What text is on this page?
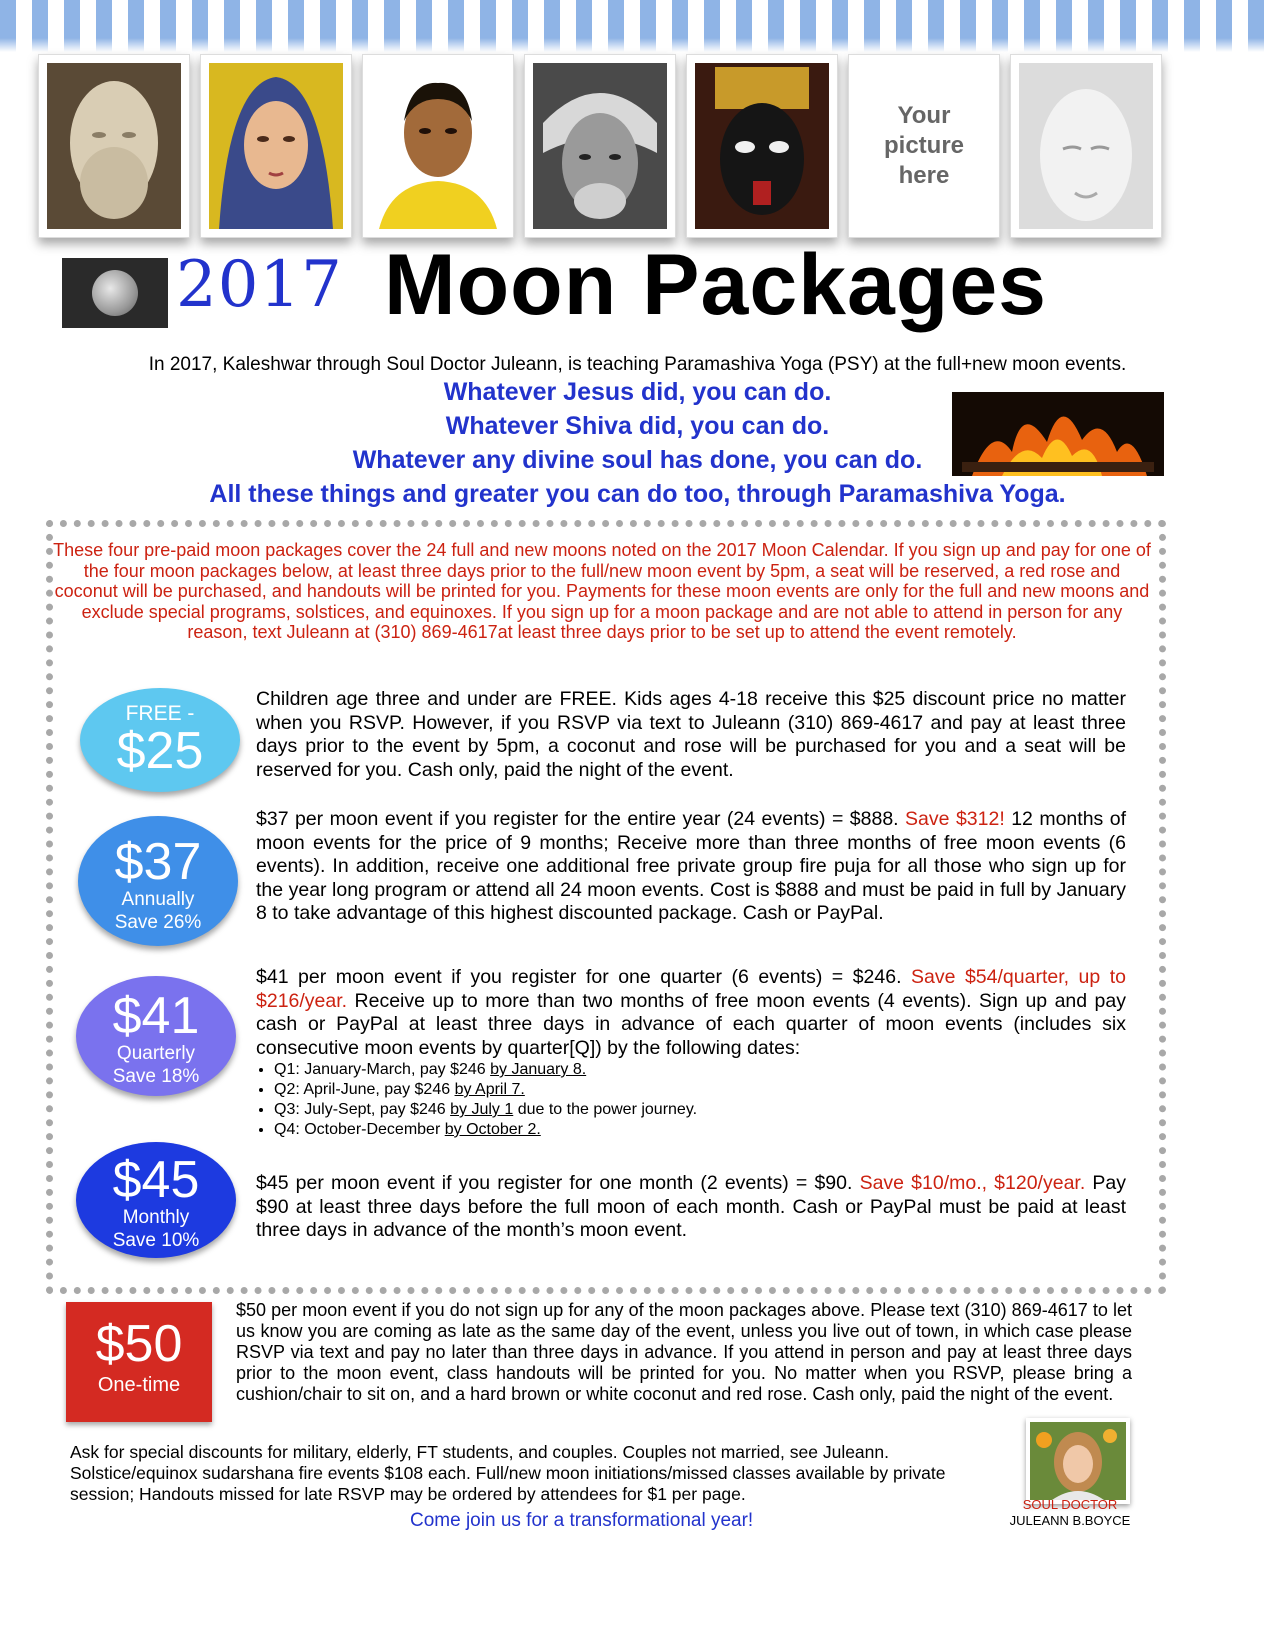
Your
picture
here
2017 Moon Packages
In 2017, Kaleshwar through Soul Doctor Juleann, is teaching Paramashiva Yoga (PSY) at the full+new moon events.
Whatever Jesus did, you can do.
Whatever Shiva did, you can do.
Whatever any divine soul has done, you can do.
All these things and greater you can do too, through Paramashiva Yoga.
These four pre-paid moon packages cover the 24 full and new moons noted on the 2017 Moon Calendar. If you sign up and pay for one of the four moon packages below, at least three days prior to the full/new moon event by 5pm, a seat will be reserved, a red rose and coconut will be purchased, and handouts will be printed for you. Payments for these moon events are only for the full and new moons and exclude special programs, solstices, and equinoxes. If you sign up for a moon package and are not able to attend in person for any reason, text Juleann at (310) 869-4617at least three days prior to be set up to attend the event remotely.
FREE -
$25
Children age three and under are FREE. Kids ages 4-18 receive this $25 discount price no matter when you RSVP. However, if you RSVP via text to Juleann (310) 869-4617 and pay at least three days prior to the event by 5pm, a coconut and rose will be purchased for you and a seat will be reserved for you. Cash only, paid the night of the event.
$37
Annually
Save 26%
$37 per moon event if you register for the entire year (24 events) = $888. Save $312! 12 months of moon events for the price of 9 months; Receive more than three months of free moon events (6 events). In addition, receive one additional free private group fire puja for all those who sign up for the year long program or attend all 24 moon events. Cost is $888 and must be paid in full by January 8 to take advantage of this highest discounted package. Cash or PayPal.
$41
Quarterly
Save 18%
$41 per moon event if you register for one quarter (6 events) = $246. Save $54/quarter, up to $216/year. Receive up to more than two months of free moon events (4 events). Sign up and pay cash or PayPal at least three days in advance of each quarter of moon events (includes six consecutive moon events by quarter[Q]) by the following dates:
• Q1: January-March, pay $246 by January 8.
• Q2: April-June, pay $246 by April 7.
• Q3: July-Sept, pay $246 by July 1 due to the power journey.
• Q4: October-December by October 2.
$45
Monthly
Save 10%
$45 per moon event if you register for one month (2 events) = $90. Save $10/mo., $120/year. Pay $90 at least three days before the full moon of each month. Cash or PayPal must be paid at least three days in advance of the month’s moon event.
$50
One-time
$50 per moon event if you do not sign up for any of the moon packages above. Please text (310) 869-4617 to let us know you are coming as late as the same day of the event, unless you live out of town, in which case please RSVP via text and pay no later than three days in advance. If you attend in person and pay at least three days prior to the moon event, class handouts will be printed for you. No matter when you RSVP, please bring a cushion/chair to sit on, and a hard brown or white coconut and red rose. Cash only, paid the night of the event.
Ask for special discounts for military, elderly, FT students, and couples. Couples not married, see Juleann. Solstice/equinox sudarshana fire events $108 each. Full/new moon initiations/missed classes available by private session; Handouts missed for late RSVP may be ordered by attendees for $1 per page.
Come join us for a transformational year!
SOUL DOCTOR
JULEANN B.BOYCE
